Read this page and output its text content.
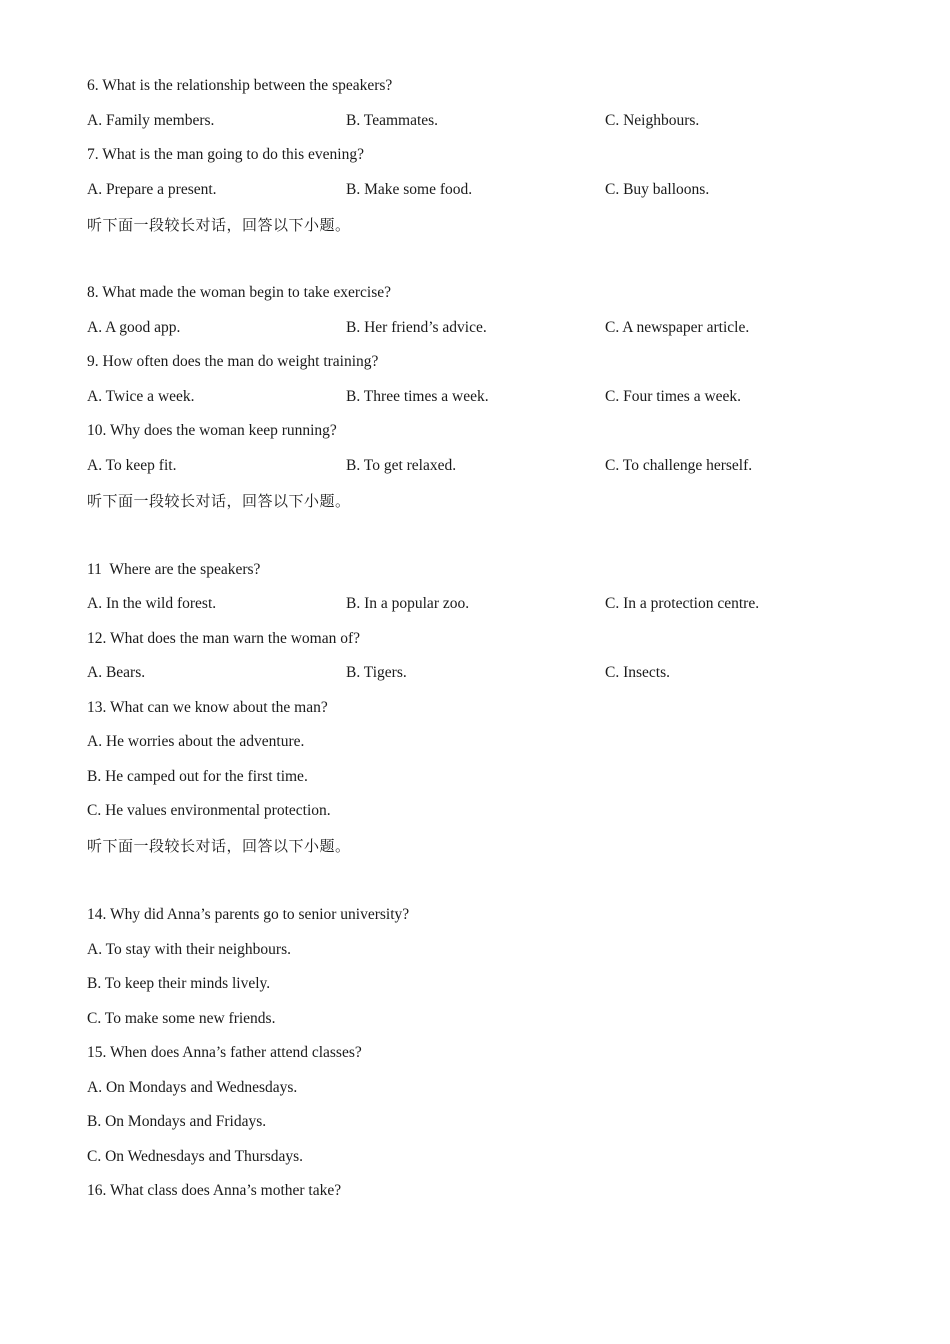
6. What is the relationship between the speakers?
A. Family members.	B. Teammates.	C. Neighbours.
7. What is the man going to do this evening?
A. Prepare a present.	B. Make some food.	C. Buy balloons.
听下面一段较长对话，回答以下小题。
8. What made the woman begin to take exercise?
A. A good app.	B. Her friend’s advice.	C. A newspaper article.
9. How often does the man do weight training?
A. Twice a week.	B. Three times a week.	C. Four times a week.
10. Why does the woman keep running?
A. To keep fit.	B. To get relaxed.	C. To challenge herself.
听下面一段较长对话，回答以下小题。
11  Where are the speakers?
A. In the wild forest.	B. In a popular zoo.	C. In a protection centre.
12. What does the man warn the woman of?
A. Bears.	B. Tigers.	C. Insects.
13. What can we know about the man?
A. He worries about the adventure.
B. He camped out for the first time.
C. He values environmental protection.
听下面一段较长对话，回答以下小题。
14. Why did Anna’s parents go to senior university?
A. To stay with their neighbours.
B. To keep their minds lively.
C. To make some new friends.
15. When does Anna’s father attend classes?
A. On Mondays and Wednesdays.
B. On Mondays and Fridays.
C. On Wednesdays and Thursdays.
16. What class does Anna’s mother take?
